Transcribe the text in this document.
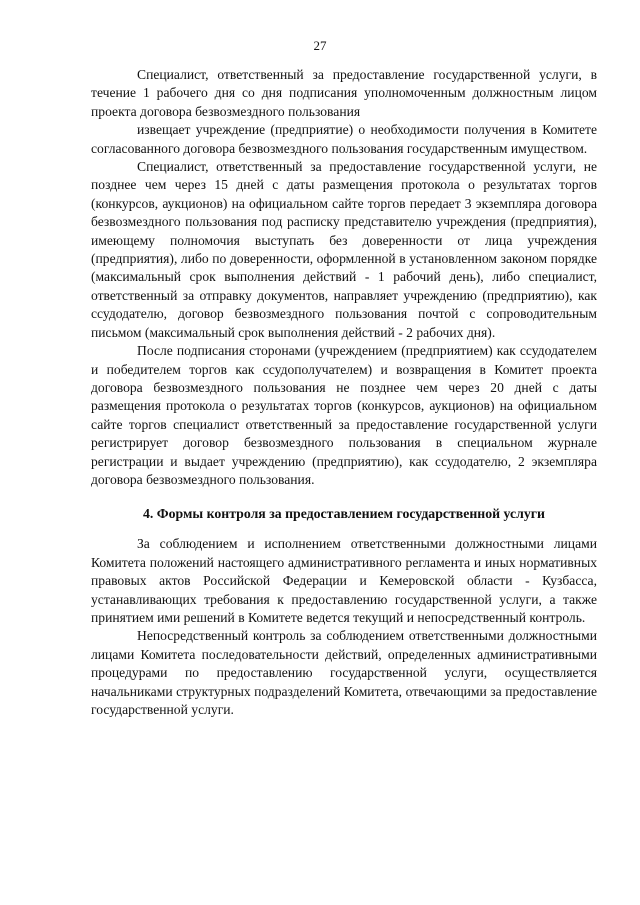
27

Специалист, ответственный за предоставление государственной услуги, в течение 1 рабочего дня со дня подписания уполномоченным должностным лицом проекта договора безвозмездного пользования

извещает учреждение (предприятие) о необходимости получения в Комитете согласованного договора безвозмездного пользования государственным имуществом.

Специалист, ответственный за предоставление государственной услуги, не позднее чем через 15 дней с даты размещения протокола о результатах торгов (конкурсов, аукционов) на официальном сайте торгов передает 3 экземпляра договора безвозмездного пользования под расписку представителю учреждения (предприятия), имеющему полномочия выступать без доверенности от лица учреждения (предприятия), либо по доверенности, оформленной в установленном законом порядке (максимальный срок выполнения действий - 1 рабочий день), либо специалист, ответственный за отправку документов, направляет учреждению (предприятию), как ссудодателю, договор безвозмездного пользования почтой с сопроводительным письмом (максимальный срок выполнения действий - 2 рабочих дня).

После подписания сторонами (учреждением (предприятием) как ссудодателем и победителем торгов как ссудополучателем) и возвращения в Комитет проекта договора безвозмездного пользования не позднее чем через 20 дней с даты размещения протокола о результатах торгов (конкурсов, аукционов) на официальном сайте торгов специалист ответственный за предоставление государственной услуги регистрирует договор безвозмездного пользования в специальном журнале регистрации и выдает учреждению (предприятию), как ссудодателю, 2 экземпляра договора безвозмездного пользования.

4. Формы контроля за предоставлением государственной услуги

За соблюдением и исполнением ответственными должностными лицами Комитета положений настоящего административного регламента и иных нормативных правовых актов Российской Федерации и Кемеровской области - Кузбасса, устанавливающих требования к предоставлению государственной услуги, а также принятием ими решений в Комитете ведется текущий и непосредственный контроль.

Непосредственный контроль за соблюдением ответственными должностными лицами Комитета последовательности действий, определенных административными процедурами по предоставлению государственной услуги, осуществляется начальниками структурных подразделений Комитета, отвечающими за предоставление государственной услуги.
